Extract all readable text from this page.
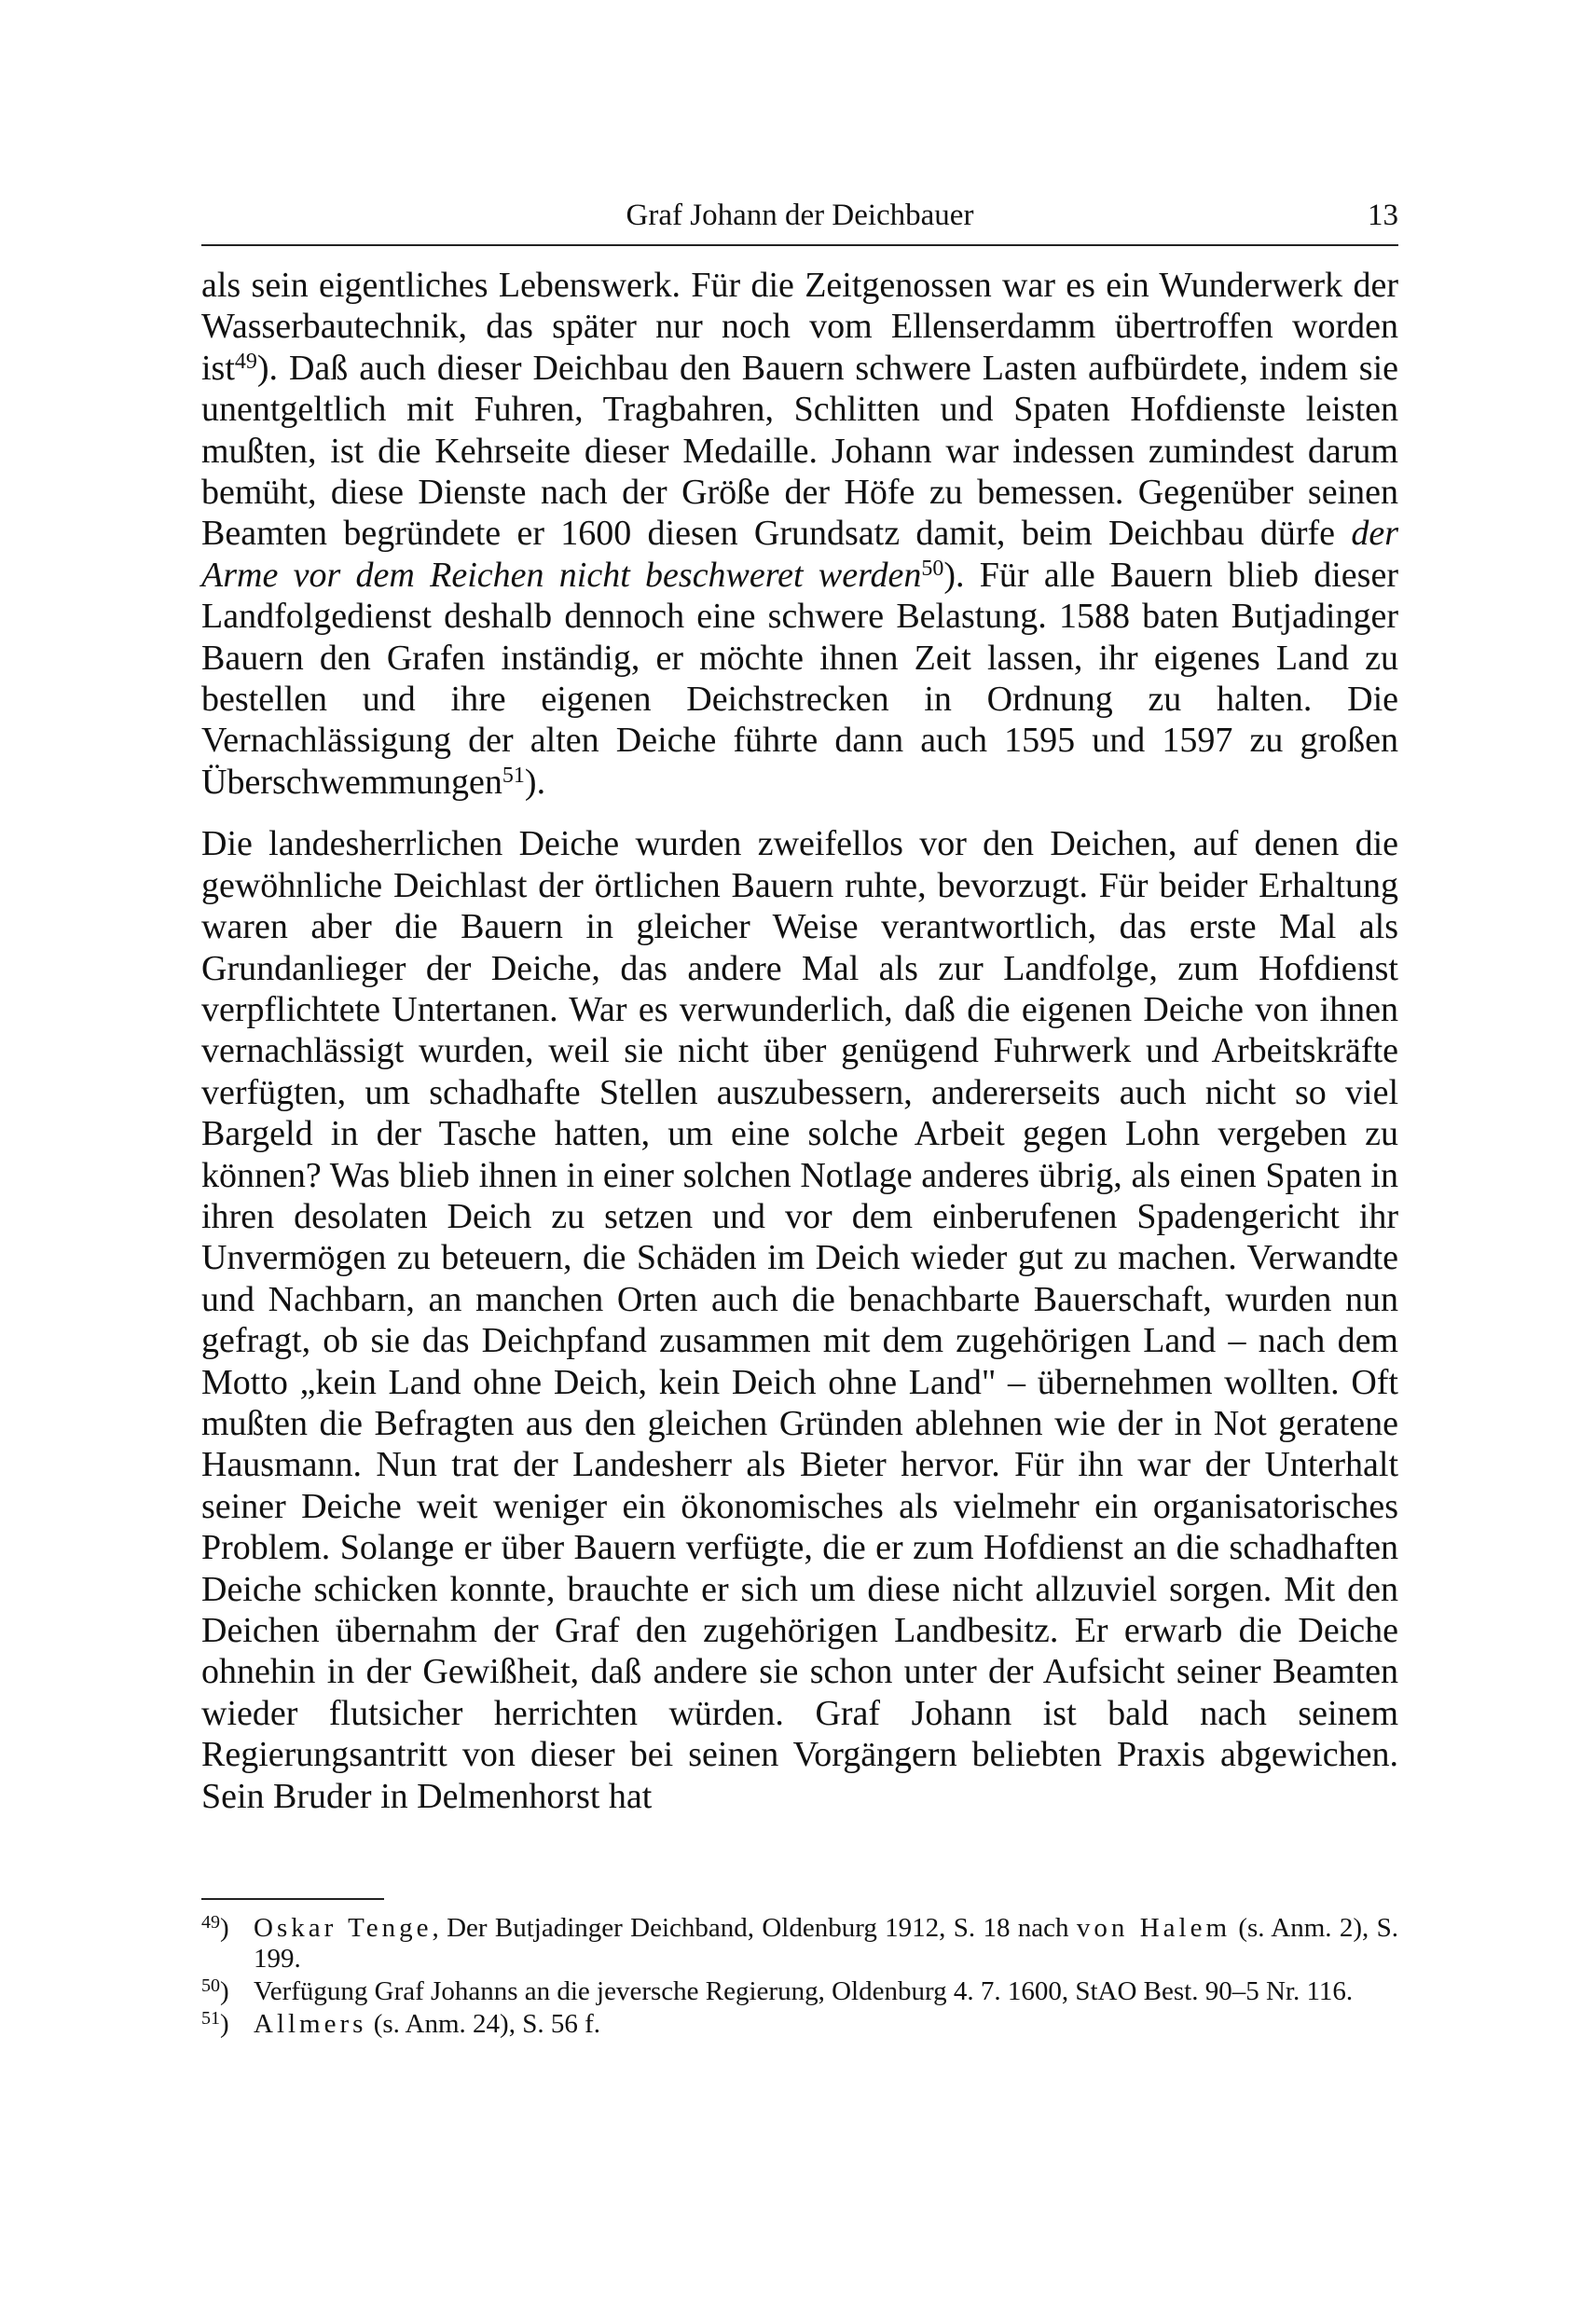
Graf Johann der Deichbauer	13

als sein eigentliches Lebenswerk. Für die Zeitgenossen war es ein Wunderwerk der Wasserbautechnik, das später nur noch vom Ellenserdamm übertroffen worden ist$^{49}$). Daß auch dieser Deichbau den Bauern schwere Lasten aufbürdete, indem sie unentgeltlich mit Fuhren, Tragbahren, Schlitten und Spaten Hofdienste leisten mußten, ist die Kehrseite dieser Medaille. Johann war indessen zumindest darum bemüht, diese Dienste nach der Größe der Höfe zu bemessen. Gegenüber seinen Beamten begründete er 1600 diesen Grundsatz damit, beim Deichbau dürfe der Arme vor dem Reichen nicht beschweret werden$^{50}$). Für alle Bauern blieb dieser Landfolgedienst deshalb dennoch eine schwere Belastung. 1588 baten Butjadinger Bauern den Grafen inständig, er möchte ihnen Zeit lassen, ihr eigenes Land zu bestellen und ihre eigenen Deichstrecken in Ordnung zu halten. Die Vernachlässigung der alten Deiche führte dann auch 1595 und 1597 zu großen Überschwemmungen$^{51}$).

Die landesherrlichen Deiche wurden zweifellos vor den Deichen, auf denen die gewöhnliche Deichlast der örtlichen Bauern ruhte, bevorzugt. Für beider Erhaltung waren aber die Bauern in gleicher Weise verantwortlich, das erste Mal als Grundanlieger der Deiche, das andere Mal als zur Landfolge, zum Hofdienst verpflichtete Untertanen. War es verwunderlich, daß die eigenen Deiche von ihnen vernachlässigt wurden, weil sie nicht über genügend Fuhrwerk und Arbeitskräfte verfügten, um schadhafte Stellen auszubessern, andererseits auch nicht so viel Bargeld in der Tasche hatten, um eine solche Arbeit gegen Lohn vergeben zu können? Was blieb ihnen in einer solchen Notlage anderes übrig, als einen Spaten in ihren desolaten Deich zu setzen und vor dem einberufenen Spadengericht ihr Unvermögen zu beteuern, die Schäden im Deich wieder gut zu machen. Verwandte und Nachbarn, an manchen Orten auch die benachbarte Bauerschaft, wurden nun gefragt, ob sie das Deichpfand zusammen mit dem zugehörigen Land – nach dem Motto „kein Land ohne Deich, kein Deich ohne Land" – übernehmen wollten. Oft mußten die Befragten aus den gleichen Gründen ablehnen wie der in Not geratene Hausmann. Nun trat der Landesherr als Bieter hervor. Für ihn war der Unterhalt seiner Deiche weit weniger ein ökonomisches als vielmehr ein organisatorisches Problem. Solange er über Bauern verfügte, die er zum Hofdienst an die schadhaften Deiche schicken konnte, brauchte er sich um diese nicht allzuviel sorgen. Mit den Deichen übernahm der Graf den zugehörigen Landbesitz. Er erwarb die Deiche ohnehin in der Gewißheit, daß andere sie schon unter der Aufsicht seiner Beamten wieder flutsicher herrichten würden. Graf Johann ist bald nach seinem Regierungsantritt von dieser bei seinen Vorgängern beliebten Praxis abgewichen. Sein Bruder in Delmenhorst hat

$^{49}$) Oskar Tenge, Der Butjadinger Deichband, Oldenburg 1912, S. 18 nach von Halem (s. Anm. 2), S. 199.
$^{50}$) Verfügung Graf Johanns an die jeversche Regierung, Oldenburg 4. 7. 1600, StAO Best. 90–5 Nr. 116.
$^{51}$) Allmers (s. Anm. 24), S. 56 f.
